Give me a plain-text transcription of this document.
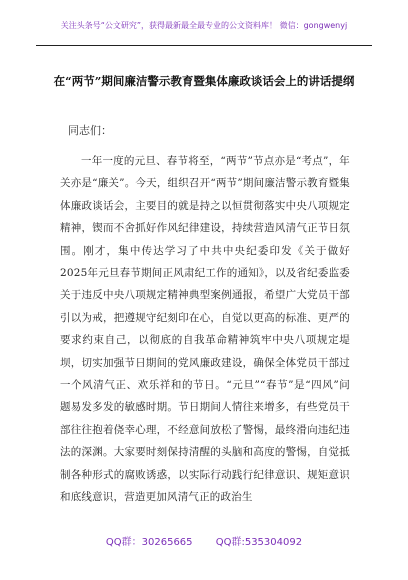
关注头条号“公文研究”，获得最新最全最专业的公文资料库！ 微信：gongwenyj
在“两节”期间廉洁警示教育暨集体廉政谈话会上的讲话提纲
同志们：
一年一度的元旦、春节将至，“两节”节点亦是“考点”，年关亦是“廉关”。今天，组织召开“两节”期间廉洁警示教育暨集体廉政谈话会，主要目的就是持之以恒贯彻落实中央八项规定精神，锲而不舍抓好作风纪律建设，持续营造风清气正节日氛围。刚才，集中传达学习了中共中央纪委印发《关于做好2025年元旦春节期间正风肃纪工作的通知》，以及省纪委监委关于违反中央八项规定精神典型案例通报，希望广大党员干部引以为戒，把遵规守纪刻印在心，自觉以更高的标准、更严的要求约束自己，以彻底的自我革命精神筑牢中央八项规定堤坝，切实加强节日期间的党风廉政建设，确保全体党员干部过一个风清气正、欢乐祥和的节日。“元旦”“春节”是“四风”问题易发多发的敏感时期。节日期间人情往来增多，有些党员干部往往抱着侥幸心理，不经意间放松了警惕，最终滑向违纪违法的深渊。大家要时刻保持清醒的头脑和高度的警惕，自觉抵制各种形式的腐败诱惑，以实际行动践行纪律意识、规矩意识和底线意识，营造更加风清气正的政治生
QQ群：30265665 QQ群:535304092
